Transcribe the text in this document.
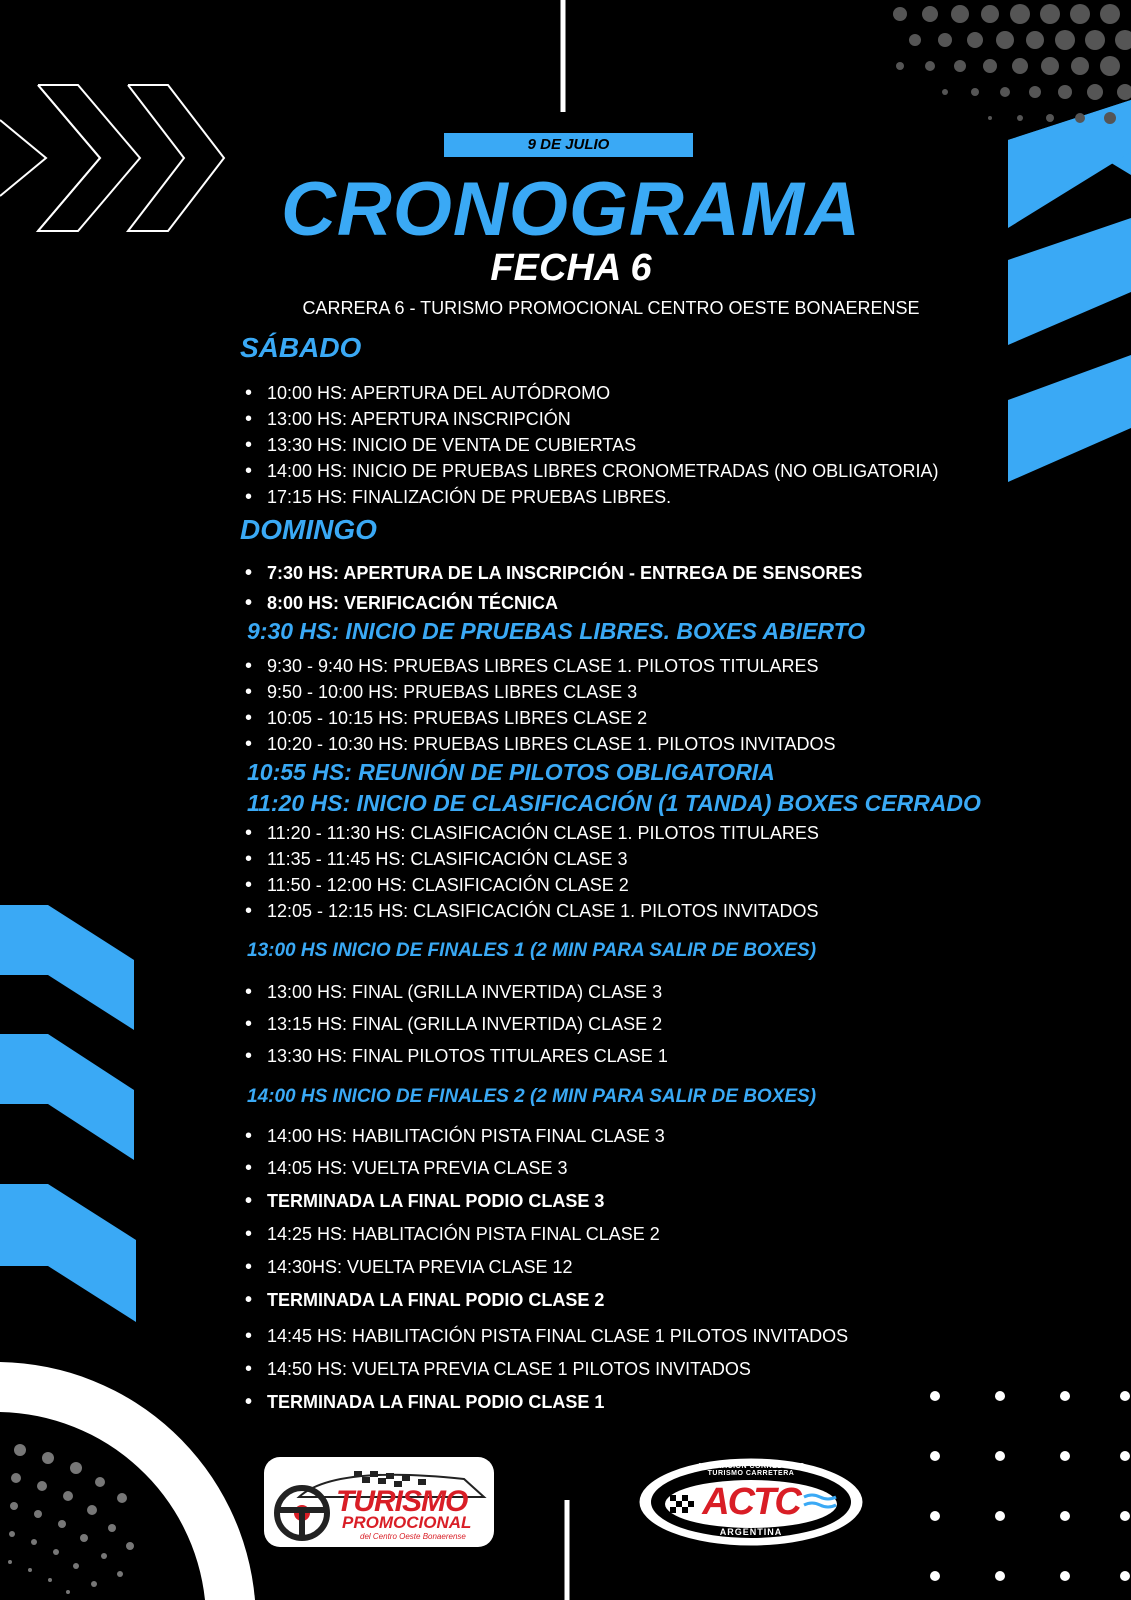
9 DE JULIO
CRONOGRAMA
FECHA 6
CARRERA 6 - TURISMO PROMOCIONAL CENTRO OESTE BONAERENSE
SÁBADO
• 10:00 HS: APERTURA DEL AUTÓDROMO
• 13:00 HS: APERTURA INSCRIPCIÓN
• 13:30 HS: INICIO DE VENTA DE CUBIERTAS
• 14:00 HS: INICIO DE PRUEBAS LIBRES CRONOMETRADAS (NO OBLIGATORIA)
• 17:15 HS: FINALIZACIÓN DE PRUEBAS LIBRES.
DOMINGO
• 7:30 HS: APERTURA DE LA INSCRIPCIÓN - ENTREGA DE SENSORES
• 8:00 HS: VERIFICACIÓN TÉCNICA
9:30 HS: INICIO DE PRUEBAS LIBRES. BOXES ABIERTO
• 9:30 - 9:40 HS: PRUEBAS LIBRES CLASE 1. PILOTOS TITULARES
• 9:50 - 10:00 HS: PRUEBAS LIBRES CLASE 3
• 10:05 - 10:15 HS: PRUEBAS LIBRES CLASE 2
• 10:20 - 10:30 HS: PRUEBAS LIBRES CLASE 1. PILOTOS INVITADOS
10:55 HS: REUNIÓN DE PILOTOS OBLIGATORIA
11:20 HS: INICIO DE CLASIFICACIÓN (1 TANDA) BOXES CERRADO
• 11:20 - 11:30 HS: CLASIFICACIÓN CLASE 1. PILOTOS TITULARES
• 11:35 - 11:45 HS: CLASIFICACIÓN CLASE 3
• 11:50 - 12:00 HS: CLASIFICACIÓN CLASE 2
• 12:05 - 12:15 HS: CLASIFICACIÓN CLASE 1. PILOTOS INVITADOS
13:00 HS INICIO DE FINALES 1 (2 MIN PARA SALIR DE BOXES)
• 13:00 HS: FINAL (GRILLA INVERTIDA) CLASE 3
• 13:15 HS: FINAL (GRILLA INVERTIDA) CLASE 2
• 13:30 HS: FINAL PILOTOS TITULARES CLASE 1
14:00 HS INICIO DE FINALES 2 (2 MIN PARA SALIR DE BOXES)
• 14:00 HS: HABILITACIÓN PISTA FINAL CLASE 3
• 14:05 HS: VUELTA PREVIA CLASE 3
• TERMINADA LA FINAL PODIO CLASE 3
• 14:25 HS: HABLITACIÓN PISTA FINAL CLASE 2
• 14:30HS: VUELTA PREVIA CLASE 12
• TERMINADA LA FINAL PODIO CLASE 2
• 14:45 HS: HABILITACIÓN PISTA FINAL CLASE 1 PILOTOS INVITADOS
• 14:50 HS: VUELTA PREVIA CLASE 1 PILOTOS INVITADOS
• TERMINADA LA FINAL PODIO CLASE 1
TURISMO
PROMOCIONAL
del Centro Oeste Bonaerense
ASOCIACION CORREDORES TURISMO CARRETERA
ACTC
ARGENTINA
